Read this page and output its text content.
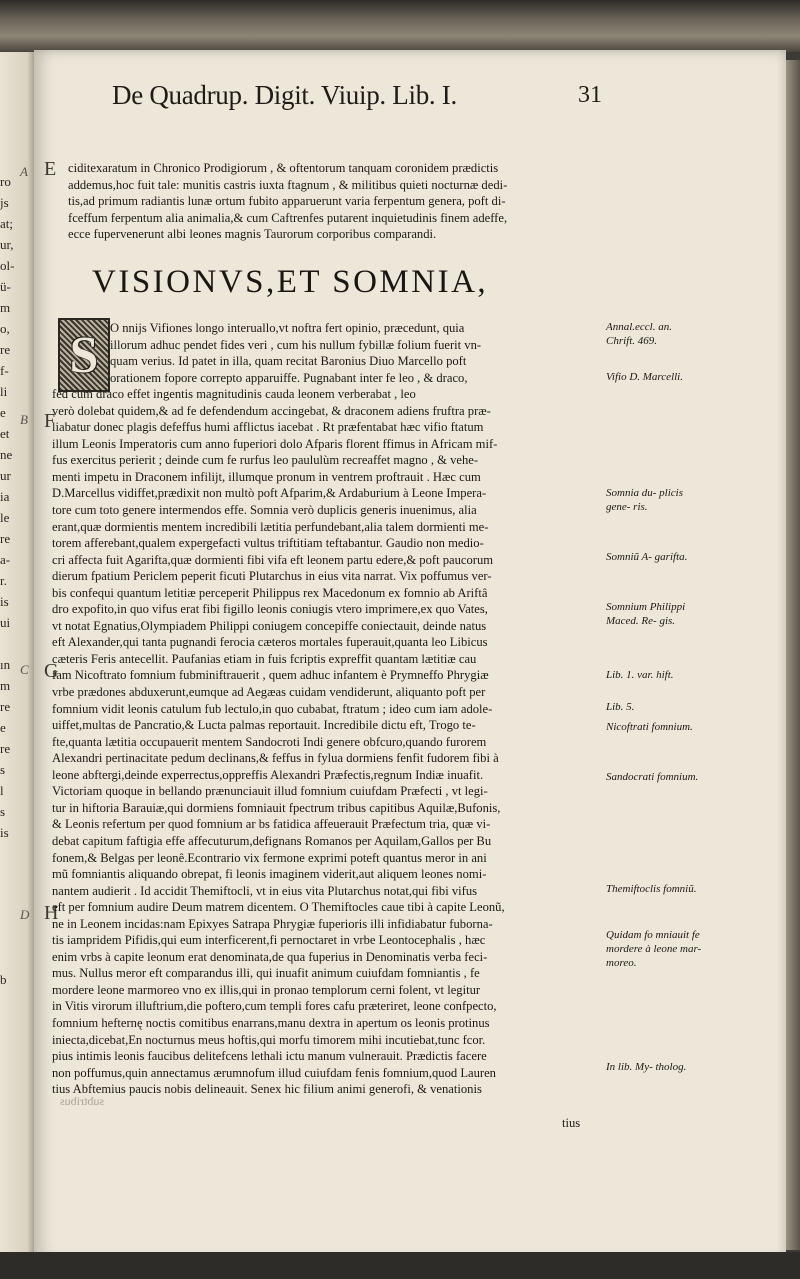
ro
js
at;
ur,
ol-
ü-
m
o,
re
f-
li
e
et
ne
ur
ia
le
re
a-
r.
is
ui
ın
m
re
e
re
s
l
s
is
b
A
B
C
D
De Quadrup. Digit. Viuip. Lib. I.	31
E
F
G
H
ciditexaratum in Chronico Prodigiorum , & oftentorum tanquam coronidem prædictis
addemus,hoc fuit tale: munitis castris iuxta ftagnum , & militibus quieti nocturnæ dedi-
tis,ad primum radiantis lunæ ortum fubito apparuerunt varia ferpentum genera, poft di-
fceffum ferpentum alia animalia,& cum Caftrenfes putarent inquietudinis finem adeffe,
ecce fupervenerunt albi leones magnis Taurorum corporibus comparandi.
VISIONVS,ET SOMNIA,
S O nnijs Vifiones longo interuallo,vt noftra fert opinio, præcedunt, quia
illorum adhuc pendet fides veri , cum his nullum fybillæ folium fuerit vn-
quam verius. Id patet in illa, quam recitat Baronius Diuo Marcello poft
orationem fopore correpto apparuiffe. Pugnabant inter fe leo , & draco,
fed cum draco effet ingentis magnitudinis cauda leonem verberabat , leo
verò dolebat quidem,& ad fe defendendum accingebat, & draconem adiens fruftra præ-
liabatur donec plagis defeffus humi afflictus iacebat . Rt præfentabat hæc vifio ftatum
illum Leonis Imperatoris cum anno fuperiori dolo Afparis florent ffimus in Africam mif-
fus exercitus perierit ; deinde cum fe rurfus leo paululùm recreaffet magno , & vehe-
menti impetu in Draconem infilijt, illumque pronum in ventrem proftrauit . Hæc cum
D.Marcellus vidiffet,prædixit non multò poft Afparim,& Ardaburium à Leone Impera-
tore cum toto genere intermendos effe. Somnia verò duplicis generis inuenimus, alia
erant,quæ dormientis mentem incredibili lætitia perfundebant,alia talem dormienti me-
torem afferebant,qualem expergefacti vultus triftitiam teftabantur. Gaudio non medio-
cri affecta fuit Agarifta,quæ dormienti fibi vifa eft leonem partu edere,& poft paucorum
dierum fpatium Periclem peperit ficuti Plutarchus in eius vita narrat. Vix poffumus ver-
bis confequi quantum letitiæ perceperit Philippus rex Macedonum ex fomnio ab Ariftâ
dro expofito,in quo vifus erat fibi figillo leonis coniugis vtero imprimere,ex quo Vates,
vt notat Egnatius,Olympiadem Philippi coniugem concepiffe coniectauit, deinde natus
eft Alexander,qui tanta pugnandi ferocia cæteros mortales fuperauit,quanta leo Libicus
cæteris Feris antecellit. Paufanias etiam in fuis fcriptis expreffit quantam lætitiæ cau
fam Nicoftrato fomnium fubminiftrauerit , quem adhuc infantem è Prymneffo Phrygiæ
vrbe prædones abduxerunt,eumque ad Aegæas cuidam vendiderunt, aliquanto poft per
fomnium vidit leonis catulum fub lectulo,in quo cubabat, ftratum ; ideo cum iam adole-
uiffet,multas de Pancratio,& Lucta palmas reportauit. Incredibile dictu eft, Trogo te-
fte,quanta lætitia occupauerit mentem Sandocroti Indi genere obfcuro,quando furorem
Alexandri pertinacitate pedum declinans,& feffus in fylua dormiens fenfit fudorem fibi à
leone abftergi,deinde experrectus,oppreffis Alexandri Præfectis,regnum Indiæ inuafit.
Victoriam quoque in bellando prænunciauit illud fomnium cuiufdam Præfecti , vt legi-
tur in hiftoria Barauiæ,qui dormiens fomniauit fpectrum tribus capitibus Aquilæ,Bufonis,
& Leonis refertum per quod fomnium ar bs fatidica affeuerauit Præfectum tria, quæ vi-
debat capitum faftigia effe affecuturum,defignans Romanos per Aquilam,Gallos per Bu
fonem,& Belgas per leonê.Econtrario vix fermone exprimi poteft quantus meror in ani
mũ fomniantis aliquando obrepat, fi leonis imaginem viderit,aut aliquem leones nomi-
nantem audierit . Id accidit Themiftocli, vt in eius vita Plutarchus notat,qui fibi vifus
eft per fomnium audire Deum matrem dicentem. O Themiftocles caue tibi à capite Leonũ,
ne in Leonem incidas:nam Epixyes Satrapa Phrygiæ fuperioris illi infidiabatur fuborna-
tis iampridem Pifidis,qui eum interficerent,fi pernoctaret in vrbe Leontocephalis , hæc
enim vrbs à capite leonum erat denominata,de qua fuperius in Denominatis verba feci-
mus. Nullus meror eft comparandus illi, qui inuafit animum cuiufdam fomniantis , fe
mordere leone marmoreo vno ex illis,qui in pronao templorum cerni folent, vt legitur
in Vitis virorum illuftrium,die poftero,cum templi fores cafu præteriret, leone confpecto,
fomnium hefternę noctis comitibus enarrans,manu dextra in apertum os leonis protinus
iniecta,dicebat,En nocturnus meus hoftis,qui morfu timorem mihi incutiebat,tunc fcor.
pius intimis leonis faucibus delitefcens lethali ictu manum vulnerauit. Prædictis facere
non poffumus,quin annectamus ærumnofum illud cuiufdam fenis fomnium,quod Lauren
tius Abftemius paucis nobis delineauit. Senex hic filium animi generofi, & venationis
Annal.eccl. an. Chrift. 469.
Vifio D. Marcelli.
Somnia du- plicis gene- ris.
Somniũ A- garifta.
Somnium Philippi Maced. Re- gis.
Lib. 1. var. hift.
Lib. 5.
Nicoftrati fomnium.
Sandocrati fomnium.
Themiftoclis fomniũ.
Quidam fo mniauit fe mordere à leone mar- moreo.
In lib. My- tholog.
tius
subtribus
